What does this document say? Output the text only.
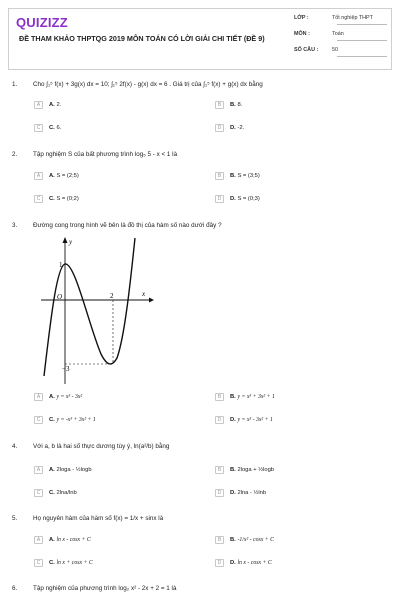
QUIZIZZ
ĐỀ THAM KHẢO THPTQG 2019 MÔN TOÁN CÓ LỜI GIẢI CHI TIẾT (ĐỀ 9)
LỚP :	Tốt nghiệp THPT
MÔN :	Toán
SỐ CÂU :	50
1.	Cho ∫₁⁵ f(x) + 3g(x) dx = 10; ∫₁⁵ 2f(x) - g(x) dx = 6 . Giá trị của ∫₁⁵ f(x) + g(x) dx bằng
A	A. 2.	B	B. 8.
C	C. 6.	D	D. -2.
2.	Tập nghiệm S của bất phương trình log₅ 5 - x < 1 là
A	A. S = (2;5)	B	B. S = (3;5)
C	C. S = (0;2)	D	D. S = (0;3)
3.	Đường cong trong hình vẽ bên là đồ thị của hàm số nào dưới đây ?
y
x
O
1
2
−3
A	A. y = x³ - 3x²	B	B. y = x³ + 3x² + 1
C	C. y = -x³ + 3x² + 1	D	D. y = x³ - 3x² + 1
4.	Với a, b là hai số thực dương tùy ý, ln(a²/b) bằng
A	A. 2loga - ½logb	B	B. 2loga + ½logb
C	C. 2lna/lnb	D	D. 2lna - ½lnb
5.	Họ nguyên hàm của hàm số f(x) = 1/x + sinx là
A	A. ln x - cosx + C	B	B. -1/x² - cosx + C
C	C. ln x + cosx + C	D	D. ln x - cosx + C
6.	Tập nghiệm của phương trình log₂ x² - 2x + 2 = 1 là
